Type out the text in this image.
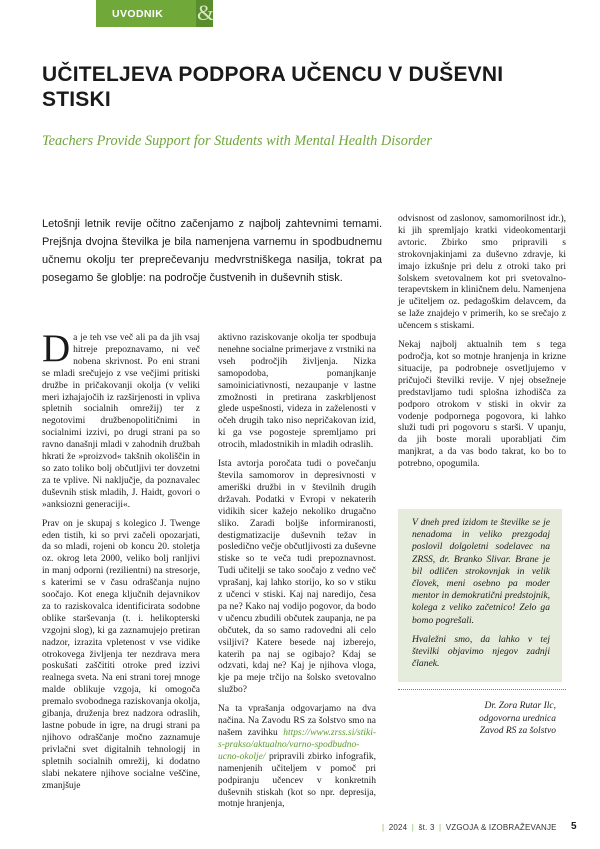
UVODNIK &
UČITELJEVA PODPORA UČENCU V DUŠEVNI STISKI

Teachers Provide Support for Students with Mental Health Disorder

Letošnji letnik revije očitno začenjamo z najbolj zahtevnimi temami. Prejšnja dvojna številka je bila namenjena varnemu in spodbudnemu učnemu okolju ter preprečevanju medvrstniškega nasilja, tokrat pa posegamo še globlje: na področje čustvenih in duševnih stisk.

Da je teh vse več ali pa da jih vsaj hitreje prepoznavamo, ni več nobena skrivnost. Po eni strani se mladi srečujejo z vse večjimi pritiski družbe in pričakovanji okolja (v veliki meri izhajajočih iz razširjenosti in vpliva spletnih socialnih omrežij) ter z negotovimi družbenopolitičnimi in socialnimi izzivi, po drugi strani pa so ravno današnji mladi v zahodnih družbah hkrati že »proizvod« takšnih okoliščin in so zato toliko bolj občutljivi ter dovzetni za te vplive. Ni naključje, da poznavalec duševnih stisk mladih, J. Haidt, govori o »anksiozni generaciji«.

Prav on je skupaj s kolegico J. Twenge eden tistih, ki so prvi začeli opozarjati, da so mladi, rojeni ob koncu 20. stoletja oz. okrog leta 2000, veliko bolj ranljivi in manj odporni (rezilientni) na stresorje, s katerimi se v času odraščanja nujno soočajo. Kot enega ključnih dejavnikov za to raziskovalca identificirata sodobne oblike starševanja (t. i. helikopterski vzgojni slog), ki ga zaznamujejo pretiran nadzor, izrazita vpletenost v vse vidike otrokovega življenja ter nezdrava mera poskušati zaščititi otroke pred izzivi realnega sveta. Na eni strani torej mnoge malde oblikuje vzgoja, ki omogoča premalo svobodnega raziskovanja okolja, gibanja, druženja brez nadzora odraslih, lastne pobude in igre, na drugi strani pa njihovo odraščanje močno zaznamuje privlačni svet digitalnih tehnologij in spletnih socialnih omrežij, ki dodatno slabi nekatere njihove socialne veščine, zmanjšuje

aktivno raziskovanje okolja ter spodbuja nenehne socialne primerjave z vrstniki na vseh področjih življenja. Nizka samopodoba, pomanjkanje samoiniciativnosti, nezaupanje v lastne zmožnosti in pretirana zaskrbljenost glede uspešnosti, videza in zaželenosti v očeh drugih tako niso nepričakovan izid, ki ga vse pogosteje spremljamo pri otrocih, mladostnikih in mladih odraslih.

Ista avtorja poročata tudi o povečanju števila samomorov in depresivnosti v ameriški družbi in v številnih drugih državah. Podatki v Evropi v nekaterih vidikih sicer kažejo nekoliko drugačno sliko. Zaradi boljše informiranosti, destigmatizacije duševnih težav in posledično večje občutljivosti za duševne stiske so te veča tudi prepoznavnost. Tudi učitelji se tako soočajo z vedno več vprašanj, kaj lahko storijo, ko so v stiku z učenci v stiski. Kaj naj naredijo, česa pa ne? Kako naj vodijo pogovor, da bodo v učencu zbudili občutek zaupanja, ne pa občutek, da so samo radovedni ali celo vsiljivi? Katere besede naj izberejo, katerih pa naj se ogibajo? Kdaj se odzvati, kdaj ne? Kaj je njihova vloga, kje pa meje trčijo na šolsko svetovalno službo?

Na ta vprašanja odgovarjamo na dva načina. Na Zavodu RS za šolstvo smo na našem zavihku https://www.zrss.si/stiki-s-prakso/aktualno/varno-spodbudno-ucno-okolje/ pripravili zbirko infografik, namenjenih učiteljem v pomoč pri podpiranju učencev v konkretnih duševnih stiskah (kot so npr. depresija, motnje hranjenja,

odvisnost od zaslonov, samomorilnost idr.), ki jih spremljajo kratki videokomentarji avtoric. Zbirko smo pripravili s strokovnjakinjami za duševno zdravje, ki imajo izkušnje pri delu z otroki tako pri šolskem svetovalnem kot pri svetovalno-terapevtskem in kliničnem delu. Namenjena je učiteljem oz. pedagoškim delavcem, da se laže znajdejo v primerih, ko se srečajo z učencem s stiskami.

Nekaj najbolj aktualnih tem s tega področja, kot so motnje hranjenja in krizne situacije, pa podrobneje osvetljujemo v pričujoči številki revije. V njej obsežneje predstavljamo tudi splošna izhodišča za podporo otrokom v stiski in okvir za vodenje podpornega pogovora, ki lahko služi tudi pri pogovoru s starši. V upanju, da jih boste morali uporabljati čim manjkrat, a da vas bodo takrat, ko bo to potrebno, opogumila.

V dneh pred izidom te številke se je nenadoma in veliko prezgodaj poslovil dolgoletni sodelavec na ZRSS, dr. Branko Slivar. Brane je bil odličen strokovnjak in velik človek, meni osebno pa moder mentor in demokratični predstojnik, kolega z veliko začetnico! Zelo ga bomo pogrešali.

Hvaležni smo, da lahko v tej številki objavimo njegov zadnji članek.

Dr. Zora Rutar Ilc,
odgovorna urednica
Zavod RS za šolstvo
| 2024 | št. 3 | VZGOJA & IZOBRAŽEVANJE 5
